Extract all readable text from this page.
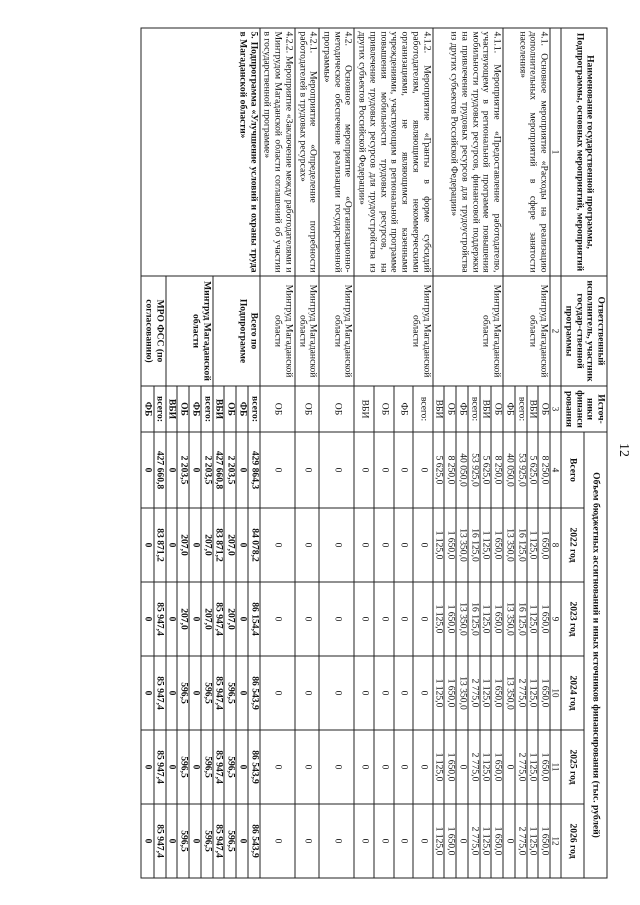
12
Наименование государственной программы, Подпрограммы, основных мероприятий, мероприятий	Ответственный исполнитель, участник государ-ственной программы	Источ-ники финанси рования	Объем бюджетных ассигнований и иных источников финансирования (тыс. рублей)					
			Всего	2022 год	2023 год	2024 год	2025 год	2026 год
1	2	3	4	8	9	10	11	12
4.1. Основное мероприятие «Расходы на реализацию дополнительных мероприятий в сфере занятости населения»	Минтруд Магаданской области	ОБ	8 250,0	1 650,0	1 650,0	1 650,0	1 650,0	1 650,0
		ВБИ	5 625,0	1 125,0	1 125,0	1 125,0	1 125,0	1 125,0
		всего:	53 925,0	16 125,0	16 125,0	2 775,0	2 775,0	2 775,0
		ФБ	40 050,0	13 350,0	13 350,0	13 350,0	0	0
4.1.1. Мероприятие «Предоставление работодателю, участвующему в региональной программе повышения мобильности трудовых ресурсов, финансовой поддержки на привлечение трудовых ресурсов для трудоустройства из других субъектов Российской Федерации»	Минтруд Магаданской области	ОБ	8 250,0	1 650,0	1 650,0	1 650,0	1 650,0	1 650,0
		ВБИ	5 625,0	1 125,0	1 125,0	1 125,0	1 125,0	1 125,0
		всего:	53 925,0	16 125,0	16 125,0	2 775,0	2 775,0	2 775,0
		ФБ	40 050,0	13 350,0	13 350,0	13 350,0	0	0
		ОБ	8 250,0	1 650,0	1 650,0	1 650,0	1 650,0	1 650,0
		ВБИ	5 625,0	1 125,0	1 125,0	1 125,0	1 125,0	1 125,0
4.1.2. Мероприятие «Гранты в форме субсидий работодателям, являющимся некоммерческими организациями, не являющимся казенными учреждениями, участвующим в региональной программе повышения мобильности трудовых ресурсов, на привлечение трудовых ресурсов для трудоустройства из других субъектов Российской Федерации»	Минтруд Магаданской области	всего:	0	0	0	0	0	0
		ФБ	0	0	0	0	0	0
		ОБ	0	0	0	0	0	0
		ВБИ	0	0	0	0	0	0
4.2. Основное мероприятие «Организационно-методическое обеспечение реализации государственной программы»	Минтруд Магаданской области	ОБ	0	0	0	0	0	0
4.2.1. Мероприятие «Определение потребности работодателей в трудовых ресурсах»	Минтруд Магаданской области	ОБ	0	0	0	0	0	0
4.2.2. Мероприятие «Заключение между работодателями и Минтрудом Магаданской области соглашений об участии в государственной программе»	Минтруд Магаданской области	ОБ	0	0	0	0	0	0
5. Подпрограмма «Улучшение условий и охраны труда в Магаданской области»	Всего по Подпрограмме	всего:	429 864,3	84 078,2	86 154,4	86 543,9	86 543,9	86 543,9
		ФБ	0	0	0	0	0	0
		ОБ	2 203,5	207,0	207,0	596,5	596,5	596,5
		ВБИ	427 660,8	83 871,2	85 947,4	85 947,4	85 947,4	85 947,4
	Минтруд Магаданской области	всего:	2 203,5	207,0	207,0	596,5	596,5	596,5
		ФБ	0	0	0	0	0	0
		ОБ	2 203,5	207,0	207,0	596,5	596,5	596,5
		ВБИ	0	0	0	0	0	0
	МРО ФСС (по согласованию)	всего:	427 660,8	83 871,2	85 947,4	85 947,4	85 947,4	85 947,4
		ФБ	0	0	0	0	0	0
